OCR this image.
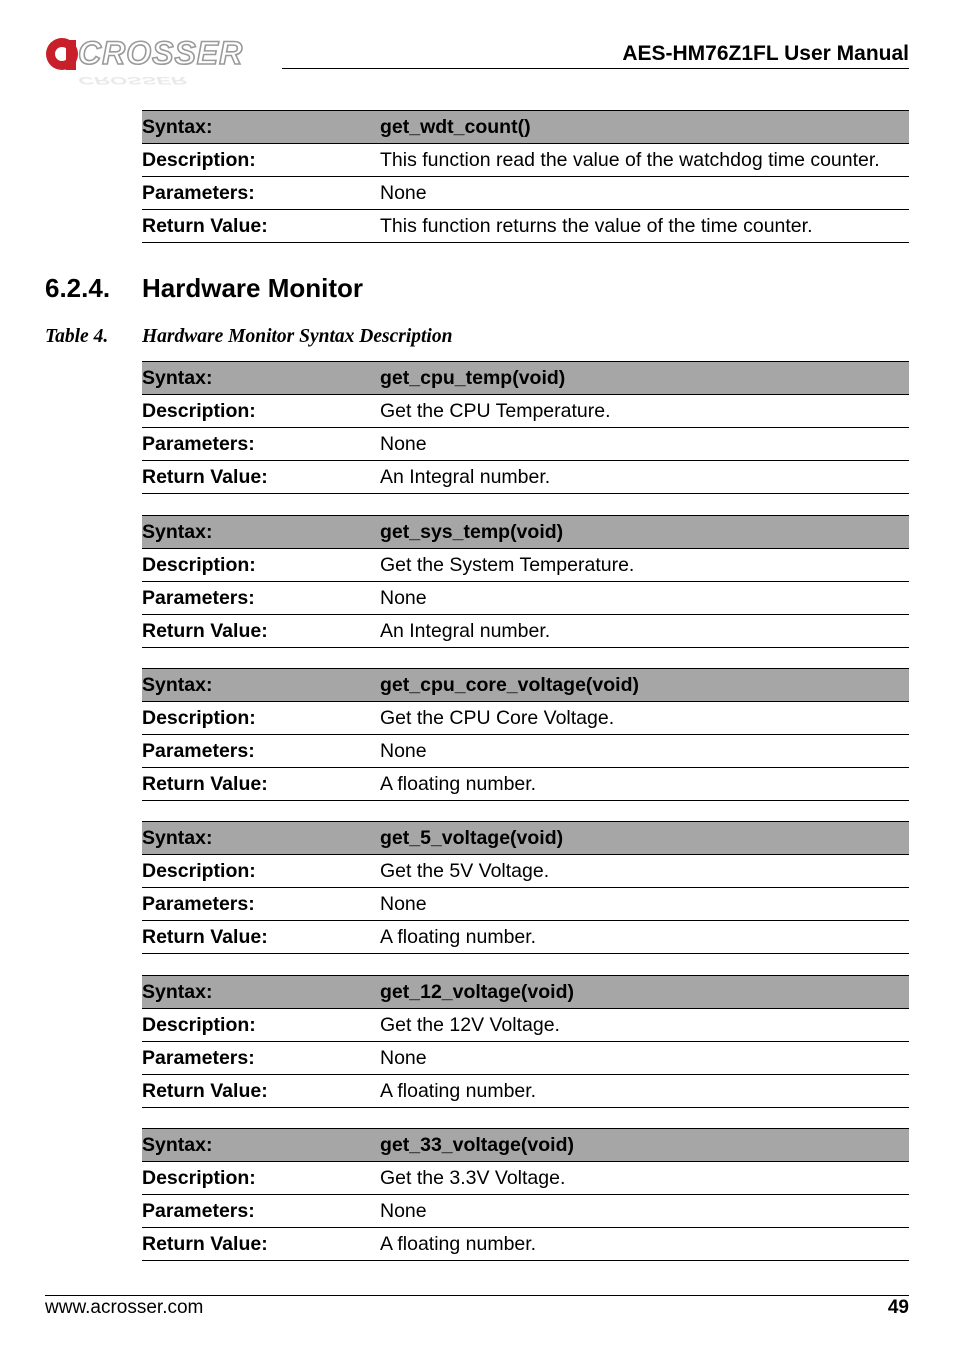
CROSSER
CROSSER
AES-HM76Z1FL User Manual
Syntax:	get_wdt_count()
Description:	This function read the value of the watchdog time counter.
Parameters:	None
Return Value:	This function returns the value of the time counter.
6.2.4. Hardware Monitor
Table 4. Hardware Monitor Syntax Description
Syntax:	get_cpu_temp(void)
Description:	Get the CPU Temperature.
Parameters:	None
Return Value:	An Integral number.
Syntax:	get_sys_temp(void)
Description:	Get the System Temperature.
Parameters:	None
Return Value:	An Integral number.
Syntax:	get_cpu_core_voltage(void)
Description:	Get the CPU Core Voltage.
Parameters:	None
Return Value:	A floating number.
Syntax:	get_5_voltage(void)
Description:	Get the 5V Voltage.
Parameters:	None
Return Value:	A floating number.
Syntax:	get_12_voltage(void)
Description:	Get the 12V Voltage.
Parameters:	None
Return Value:	A floating number.
Syntax:	get_33_voltage(void)
Description:	Get the 3.3V Voltage.
Parameters:	None
Return Value:	A floating number.
www.acrosser.com	49
